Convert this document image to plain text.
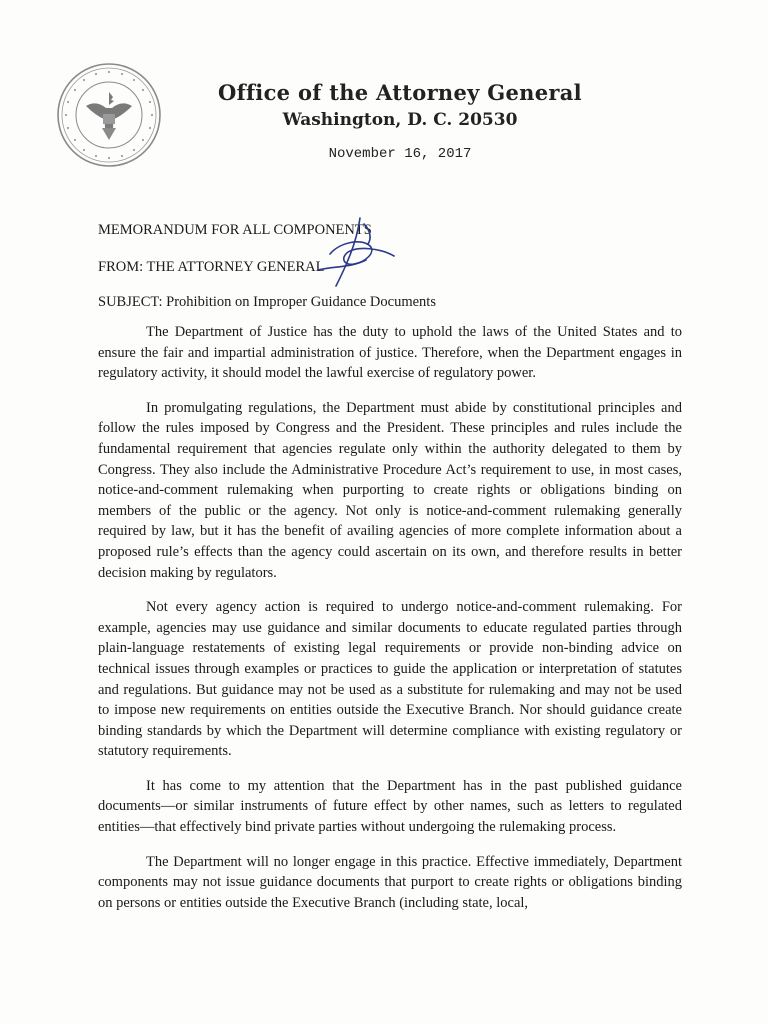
Office of the Attorney General
Washington, D. C. 20530
November 16, 2017
MEMORANDUM FOR ALL COMPONENTS
FROM: THE ATTORNEY GENERAL
SUBJECT: Prohibition on Improper Guidance Documents

The Department of Justice has the duty to uphold the laws of the United States and to ensure the fair and impartial administration of justice. Therefore, when the Department engages in regulatory activity, it should model the lawful exercise of regulatory power.

In promulgating regulations, the Department must abide by constitutional principles and follow the rules imposed by Congress and the President. These principles and rules include the fundamental requirement that agencies regulate only within the authority delegated to them by Congress. They also include the Administrative Procedure Act’s requirement to use, in most cases, notice-and-comment rulemaking when purporting to create rights or obligations binding on members of the public or the agency. Not only is notice-and-comment rulemaking generally required by law, but it has the benefit of availing agencies of more complete information about a proposed rule’s effects than the agency could ascertain on its own, and therefore results in better decision making by regulators.

Not every agency action is required to undergo notice-and-comment rulemaking. For example, agencies may use guidance and similar documents to educate regulated parties through plain-language restatements of existing legal requirements or provide non-binding advice on technical issues through examples or practices to guide the application or interpretation of statutes and regulations. But guidance may not be used as a substitute for rulemaking and may not be used to impose new requirements on entities outside the Executive Branch. Nor should guidance create binding standards by which the Department will determine compliance with existing regulatory or statutory requirements.

It has come to my attention that the Department has in the past published guidance documents—or similar instruments of future effect by other names, such as letters to regulated entities—that effectively bind private parties without undergoing the rulemaking process.

The Department will no longer engage in this practice. Effective immediately, Department components may not issue guidance documents that purport to create rights or obligations binding on persons or entities outside the Executive Branch (including state, local,
